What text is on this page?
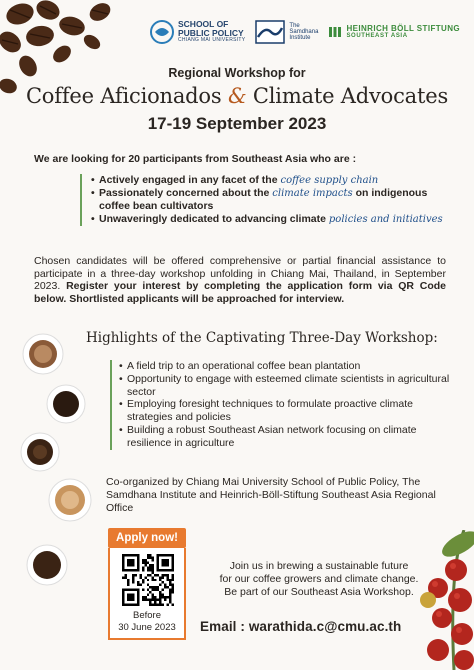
SCHOOL OF
PUBLIC POLICY
CHIANG MAI UNIVERSITY
The
Samdhana
Institute
HEINRICH BÖLL STIFTUNG
SOUTHEAST ASIA
Regional Workshop for
Coffee Aficionados & Climate Advocates
17-19 September 2023
We are looking for 20 participants from Southeast Asia who are :
• Actively engaged in any facet of the coffee supply chain
• Passionately concerned about the climate impacts on indigenous coffee bean cultivators
• Unwaveringly dedicated to advancing climate policies and initiatives
Chosen candidates will be offered comprehensive or partial financial assistance to participate in a three-day workshop unfolding in Chiang Mai, Thailand, in September 2023. Register your interest by completing the application form via QR Code below. Shortlisted applicants will be approached for interview.
Highlights of the Captivating Three-Day Workshop:
• A field trip to an operational coffee bean plantation
• Opportunity to engage with esteemed climate scientists in agricultural sector
• Employing foresight techniques to formulate proactive climate strategies and policies
• Building a robust Southeast Asian network focusing on climate resilience in agriculture
Co-organized by Chiang Mai University School of Public Policy, The Samdhana Institute and Heinrich-Böll-Stiftung Southeast Asia Regional Office
Apply now!
Before
30 June 2023
Join us in brewing a sustainable future
for our coffee growers and climate change.
Be part of our Southeast Asia Workshop.
Email : warathida.c@cmu.ac.th
